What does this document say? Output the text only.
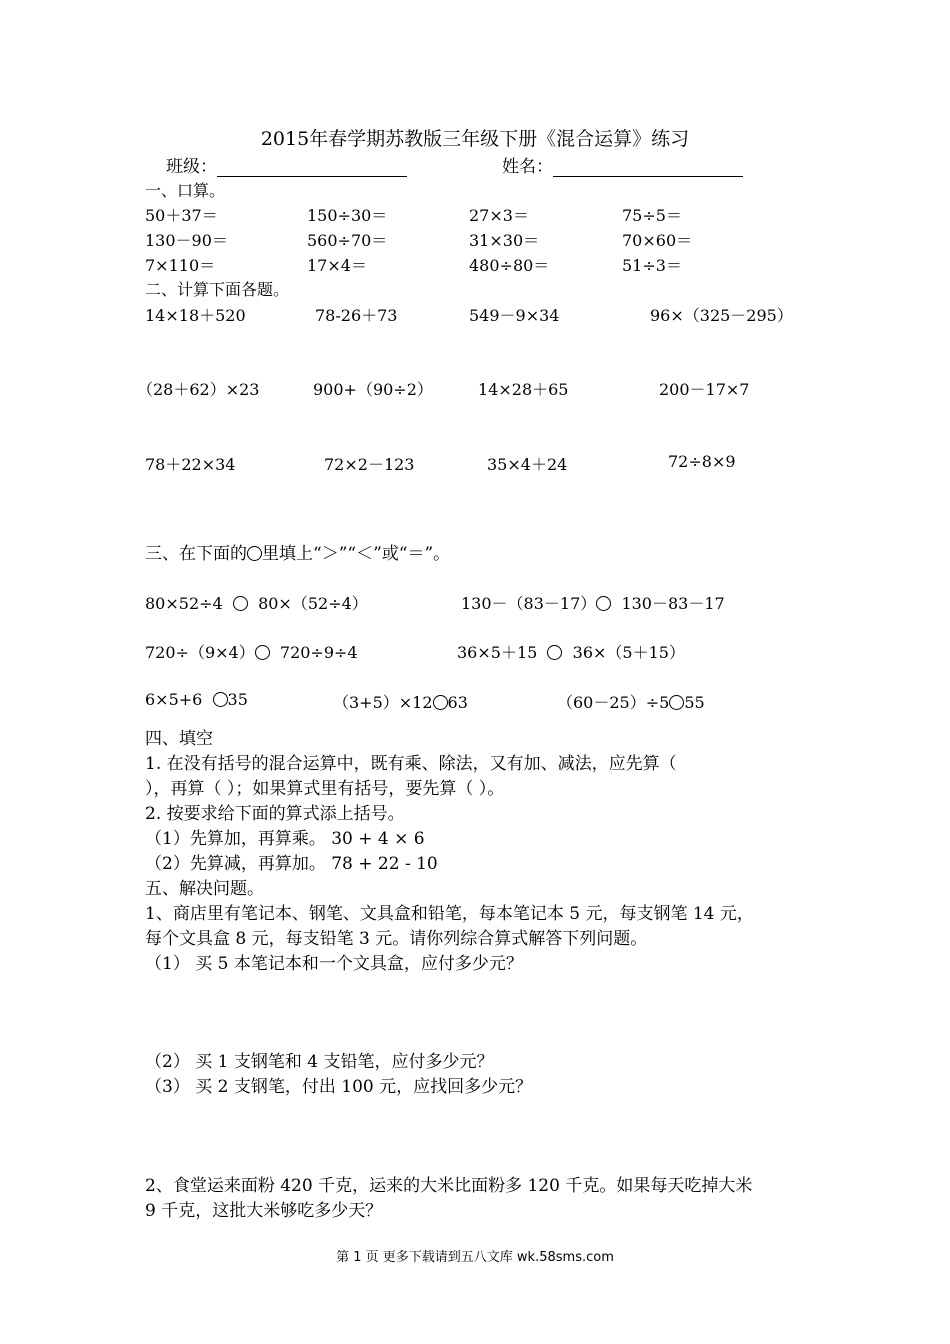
2015年春学期苏教版三年级下册《混合运算》练习
班级：	姓名：
一、口算。
50＋37＝	150÷30＝	27×3＝	75÷5＝
130－90＝	560÷70＝	31×30＝	70×60＝
7×110＝	17×4＝	480÷80＝	51÷3＝
二、计算下面各题。
14×18＋520	78-26＋73	549－9×34	96×（325－295）
（28＋62）×23	900+（90÷2）	14×28＋65	200－17×7
78＋22×34	72×2－123	35×4＋24	72÷8×9
三、在下面的 里填上“＞”“＜”或“＝”。
80×52÷4 80×（52÷4）	130－（83－17） 130－83－17
720÷（9×4） 720÷9÷4	36×5＋15 36×（5＋15）
6×5+6 35	（3+5）×12 63	（60－25）÷5 55
四、填空
1. 在没有括号的混合运算中，既有乘、除法，又有加、减法，应先算（
），再算（ ）；如果算式里有括号，要先算（ ）。
2. 按要求给下面的算式添上括号。
（1）先算加，再算乘。 30 + 4 × 6
（2）先算减，再算加。 78 + 22 - 10
五、解决问题。
1、商店里有笔记本、钢笔、文具盒和铅笔，每本笔记本 5 元，每支钢笔 14 元，
每个文具盒 8 元，每支铅笔 3 元。请你列综合算式解答下列问题。
（1） 买 5 本笔记本和一个文具盒，应付多少元？
（2） 买 1 支钢笔和 4 支铅笔，应付多少元？
（3） 买 2 支钢笔，付出 100 元，应找回多少元？
2、食堂运来面粉 420 千克，运来的大米比面粉多 120 千克。如果每天吃掉大米
9 千克，这批大米够吃多少天？
第 1 页 更多下载请到五八文库 wk.58sms.com
